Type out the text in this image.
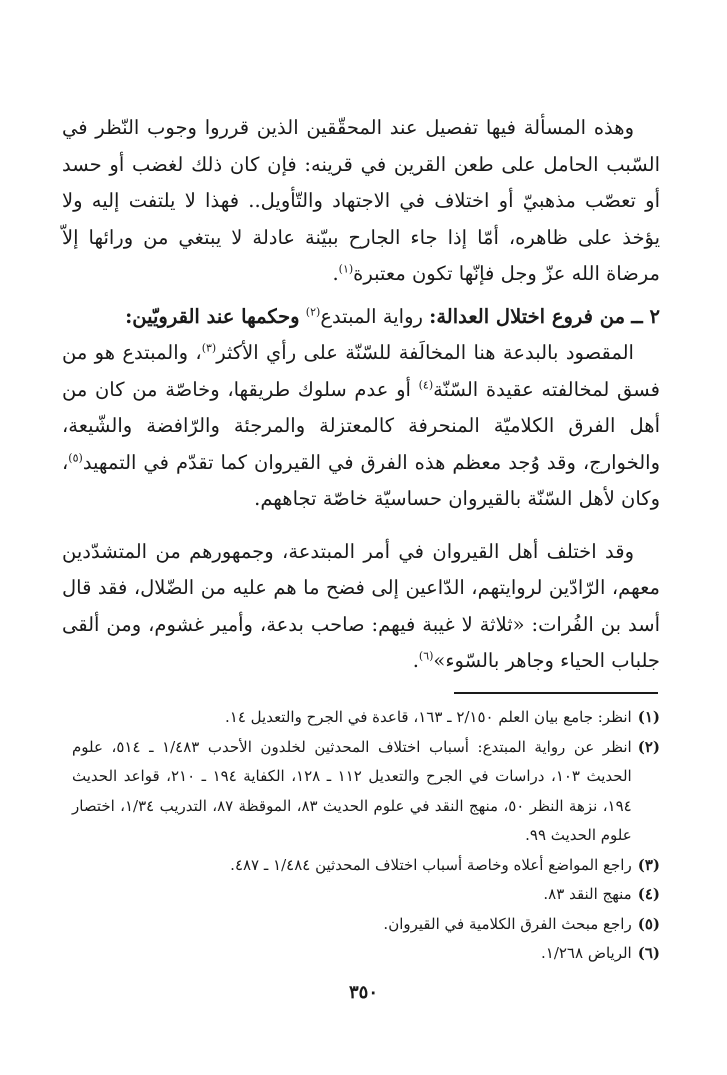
وهذه المسألة فيها تفصيل عند المحقّقين الذين قرروا وجوب النّظر في السّبب الحامل على طعن القرين في قرينه: فإن كان ذلك لغضب أو حسد أو تعصّب مذهبيّ أو اختلاف في الاجتهاد والتّأويل.. فهذا لا يلتفت إليه ولا يؤخذ على ظاهره، أمّا إذا جاء الجارح ببيّنة عادلة لا يبتغي من ورائها إلاّ مرضاة الله عزّ وجل فإنّها تكون معتبرة$^{(١)}$.

٢ ــ من فروع اختلال العدالة: رواية المبتدع$^{(٢)}$ وحكمها عند القرويّين:

المقصود بالبدعة هنا المخالَفة للسّنّة على رأي الأكثر$^{(٣)}$، والمبتدع هو من فسق لمخالفته عقيدة السّنّة$^{(٤)}$ أو عدم سلوك طريقها، وخاصّة من كان من أهل الفرق الكلاميّة المنحرفة كالمعتزلة والمرجئة والرّافضة والشّيعة، والخوارج، وقد وُجد معظم هذه الفرق في القيروان كما تقدّم في التمهيد$^{(٥)}$، وكان لأهل السّنّة بالقيروان حساسيّة خاصّة تجاههم.

وقد اختلف أهل القيروان في أمر المبتدعة، وجمهورهم من المتشدّدين معهم، الرّادّين لروايتهم، الدّاعين إلى فضح ما هم عليه من الضّلال، فقد قال أسد بن الفُرات: «ثلاثة لا غيبة فيهم: صاحب بدعة، وأمير غشوم، ومن ألقى جلباب الحياء وجاهر بالسّوء»$^{(٦)}$.

(١)
انظر: جامع بيان العلم ٢/١٥٠ ـ ١٦٣، قاعدة في الجرح والتعديل ١٤.
(٢)
انظر عن رواية المبتدع: أسباب اختلاف المحدثين لخلدون الأحدب ١/٤٨٣ ـ ٥١٤، علوم الحديث ١٠٣، دراسات في الجرح والتعديل ١١٢ ـ ١٢٨، الكفاية ١٩٤ ـ ٢١٠، قواعد الحديث ١٩٤، نزهة النظر ٥٠، منهج النقد في علوم الحديث ٨٣، الموقظة ٨٧، التدريب ١/٣٤، اختصار علوم الحديث ٩٩.
(٣)
راجع المواضع أعلاه وخاصة أسباب اختلاف المحدثين ١/٤٨٤ ـ ٤٨٧.
(٤)
منهج النقد ٨٣.
(٥)
راجع مبحث الفرق الكلامية في القيروان.
(٦)
الرياض ١/٢٦٨.
٣٥٠
